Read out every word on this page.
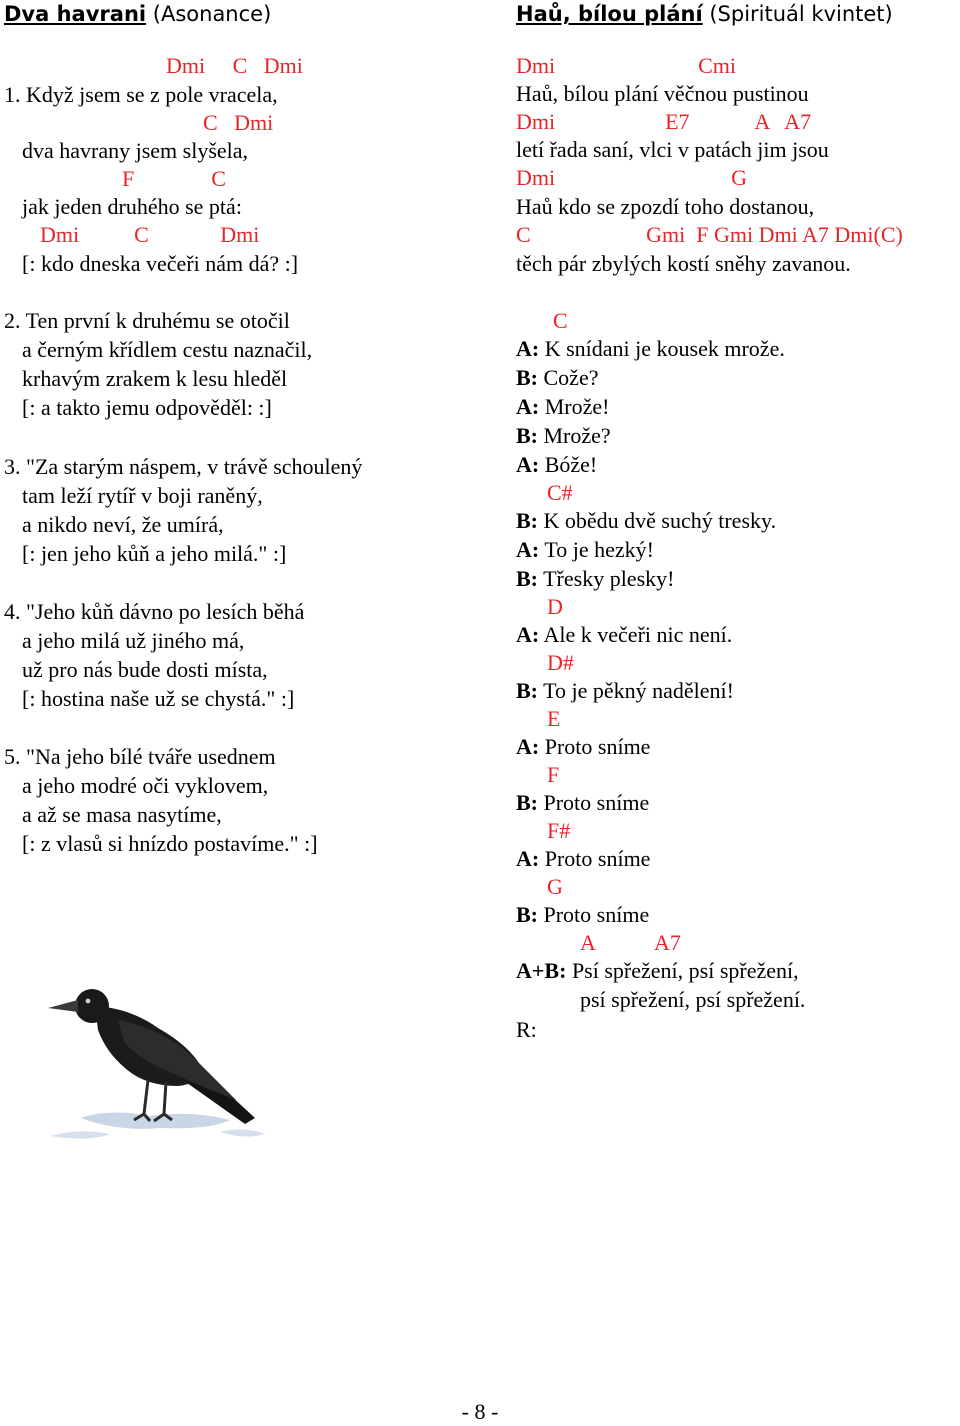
Dva havrani (Asonance)
Dmi     C   Dmi
1. Když jsem se z pole vracela,
C   Dmi
dva havrany jsem slyšela,
F              C
jak jeden druhého se ptá:
Dmi          C             Dmi
[: kdo dneska večeři nám dá? :]
2. Ten první k druhému se otočil
a černým křídlem cestu naznačil,
krhavým zrakem k lesu hleděl
[: a takto jemu odpověděl: :]
3. "Za starým náspem, v trávě schoulený
tam leží rytíř v boji raněný,
a nikdo neví, že umírá,
[: jen jeho kůň a jeho milá." :]
4. "Jeho kůň dávno po lesích běhá
a jeho milá už jiného má,
už pro nás bude dosti místa,
[: hostina naše už se chystá." :]
5. "Na jeho bílé tváře usednem
a jeho modré oči vyklovem,
a až se masa nasytíme,
[: z vlasů si hnízdo postavíme." :]
Haů, bílou plání (Spirituál kvintet)
Dmi                          Cmi
Haů, bílou plání věčnou pustinou
Dmi                    E7            A   A7
letí řada saní, vlci v patách jim jsou
Dmi                                G
Haů kdo se zpozdí toho dostanou,
C                     Gmi  F Gmi Dmi A7 Dmi(C)
těch pár zbylých kostí sněhy zavanou.
C
A: K snídani je kousek mrože.
B: Cože?
A: Mrože!
B: Mrože?
A: Bóže!
C#
B: K obědu dvě suchý tresky.
A: To je hezký!
B: Třesky plesky!
D
A: Ale k večeři nic není.
D#
B: To je pěkný nadělení!
E
A: Proto sníme
F
B: Proto sníme
F#
A: Proto sníme
G
B: Proto sníme
A           A7
A+B: Psí spřežení, psí spřežení,
psí spřežení, psí spřežení.
R:
- 8 -
